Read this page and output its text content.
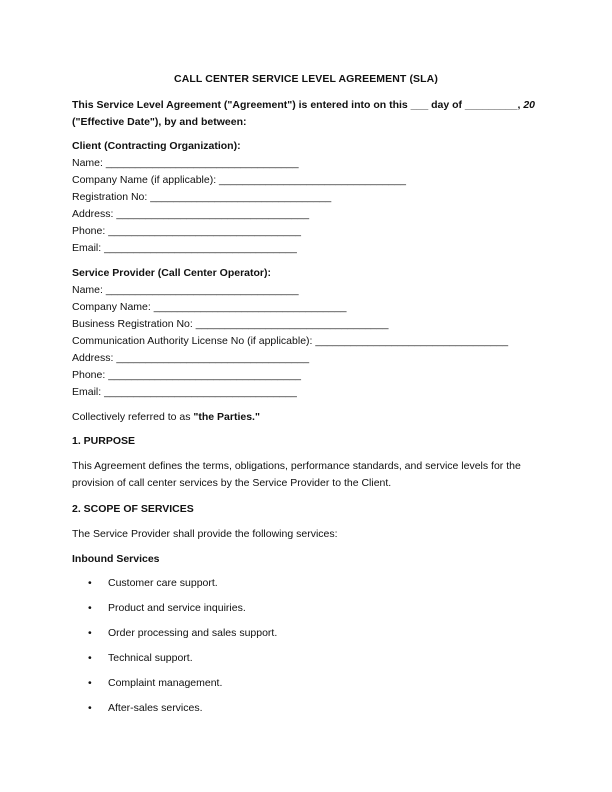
CALL CENTER SERVICE LEVEL AGREEMENT (SLA)
This Service Level Agreement ("Agreement") is entered into on this ___ day of _________, 20
("Effective Date"), by and between:
Client (Contracting Organization):
Name: _________________________________
Company Name (if applicable): ________________________________
Registration No: _______________________________
Address: _________________________________
Phone: _________________________________
Email: _________________________________
Service Provider (Call Center Operator):
Name: _________________________________
Company Name: _________________________________
Business Registration No: _________________________________
Communication Authority License No (if applicable): _________________________________
Address: _________________________________
Phone: _________________________________
Email: _________________________________
Collectively referred to as "the Parties."
1. PURPOSE
This Agreement defines the terms, obligations, performance standards, and service levels for the provision of call center services by the Service Provider to the Client.
2. SCOPE OF SERVICES
The Service Provider shall provide the following services:
Inbound Services
• Customer care support.
• Product and service inquiries.
• Order processing and sales support.
• Technical support.
• Complaint management.
• After-sales services.
